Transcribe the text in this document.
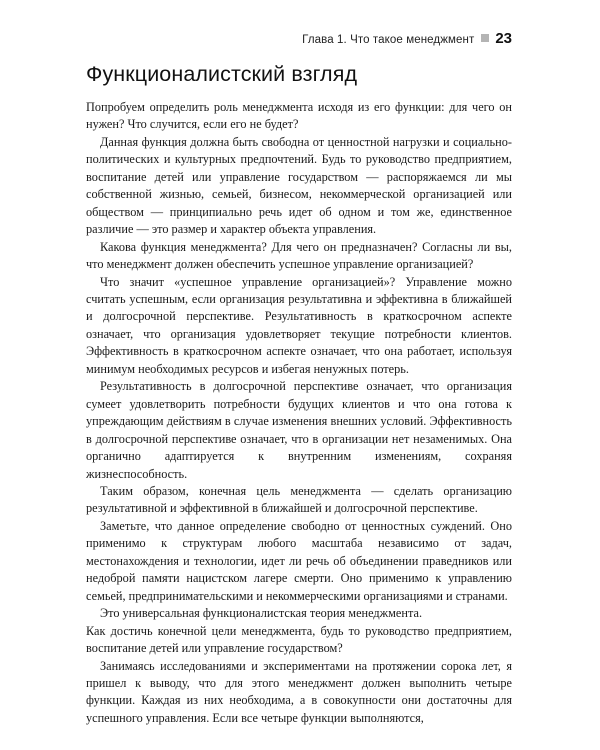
Глава 1. Что такое менеджмент 23
Функционалистский взгляд

Попробуем определить роль менеджмента исходя из его функции: для чего он нужен? Что случится, если его не будет?

Данная функция должна быть свободна от ценностной нагрузки и социально-политических и культурных предпочтений. Будь то руководство предприятием, воспитание детей или управление государством — распоряжаемся ли мы собственной жизнью, семьей, бизнесом, некоммерческой организацией или обществом — принципиально речь идет об одном и том же, единственное различие — это размер и характер объекта управления.

Какова функция менеджмента? Для чего он предназначен? Согласны ли вы, что менеджмент должен обеспечить успешное управление организацией?

Что значит «успешное управление организацией»? Управление можно считать успешным, если организация результативна и эффективна в ближайшей и долгосрочной перспективе. Результативность в краткосрочном аспекте означает, что организация удовлетворяет текущие потребности клиентов. Эффективность в краткосрочном аспекте означает, что она работает, используя минимум необходимых ресурсов и избегая ненужных потерь.

Результативность в долгосрочной перспективе означает, что организация сумеет удовлетворить потребности будущих клиентов и что она готова к упреждающим действиям в случае изменения внешних условий. Эффективность в долгосрочной перспективе означает, что в организации нет незаменимых. Она органично адаптируется к внутренним изменениям, сохраняя жизнеспособность.

Таким образом, конечная цель менеджмента — сделать организацию результативной и эффективной в ближайшей и долгосрочной перспективе.

Заметьте, что данное определение свободно от ценностных суждений. Оно применимо к структурам любого масштаба независимо от задач, местонахождения и технологии, идет ли речь об объединении праведников или недоброй памяти нацистском лагере смерти. Оно применимо к управлению семьей, предпринимательскими и некоммерческими организациями и странами.

Это универсальная функционалистская теория менеджмента.

Как достичь конечной цели менеджмента, будь то руководство предприятием, воспитание детей или управление государством?

Занимаясь исследованиями и экспериментами на протяжении сорока лет, я пришел к выводу, что для этого менеджмент должен выполнить четыре функции. Каждая из них необходима, а в совокупности они достаточны для успешного управления. Если все четыре функции выполняются,
